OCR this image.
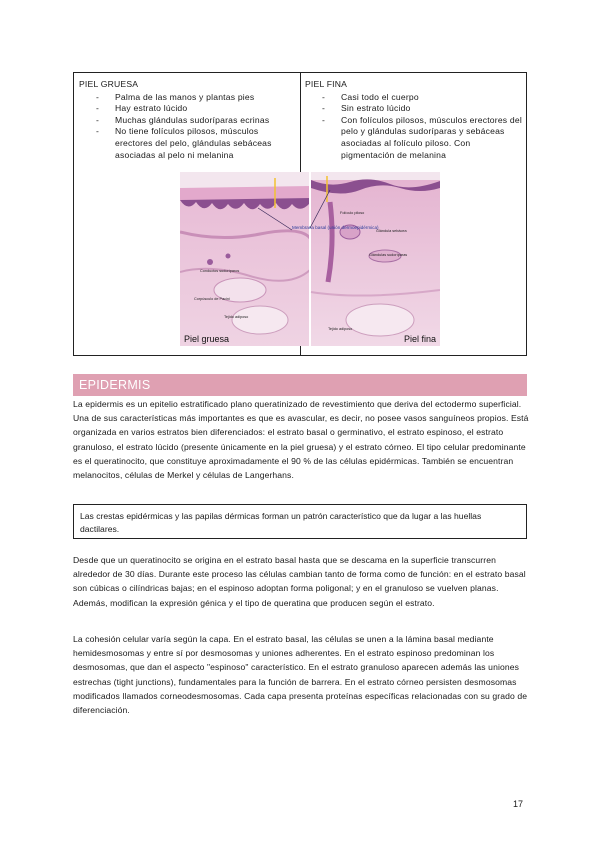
PIEL GRUESA
- Palma de las manos y plantas pies
- Hay estrato lúcido
- Muchas glándulas sudoríparas ecrinas
- No tiene folículos pilosos, músculos erectores del pelo, glándulas sebáceas asociadas al pelo ni melanina
PIEL FINA
- Casi todo el cuerpo
- Sin estrato lúcido
- Con folículos pilosos, músculos erectores del pelo y glándulas sudoríparas y sebáceas asociadas al folículo piloso. Con pigmentación de melanina
Membrana basal (unión dermoepidérmica)
Conductos sudoríparos
Corpúsculo de Pacini
Tejido adiposo
Folículo piloso
Glándula sebácea
Glándulas sudoríparas
Tejido adiposo
Piel gruesa	Piel fina
EPIDERMIS

La epidermis es un epitelio estratificado plano queratinizado de revestimiento que deriva del ectodermo superficial. Una de sus características más importantes es que es avascular, es decir, no posee vasos sanguíneos propios. Está organizada en varios estratos bien diferenciados: el estrato basal o germinativo, el estrato espinoso, el estrato granuloso, el estrato lúcido (presente únicamente en la piel gruesa) y el estrato córneo. El tipo celular predominante es el queratinocito, que constituye aproximadamente el 90 % de las células epidérmicas. También se encuentran melanocitos, células de Merkel y células de Langerhans.

Las crestas epidérmicas y las papilas dérmicas forman un patrón característico que da lugar a las huellas dactilares.

Desde que un queratinocito se origina en el estrato basal hasta que se descama en la superficie transcurren alrededor de 30 días. Durante este proceso las células cambian tanto de forma como de función: en el estrato basal son cúbicas o cilíndricas bajas; en el espinoso adoptan forma poligonal; y en el granuloso se vuelven planas. Además, modifican la expresión génica y el tipo de queratina que producen según el estrato.

La cohesión celular varía según la capa. En el estrato basal, las células se unen a la lámina basal mediante hemidesmosomas y entre sí por desmosomas y uniones adherentes. En el estrato espinoso predominan los desmosomas, que dan el aspecto "espinoso" característico. En el estrato granuloso aparecen además las uniones estrechas (tight junctions), fundamentales para la función de barrera. En el estrato córneo persisten desmosomas modificados llamados corneodesmosomas. Cada capa presenta proteínas específicas relacionadas con su grado de diferenciación.

17
